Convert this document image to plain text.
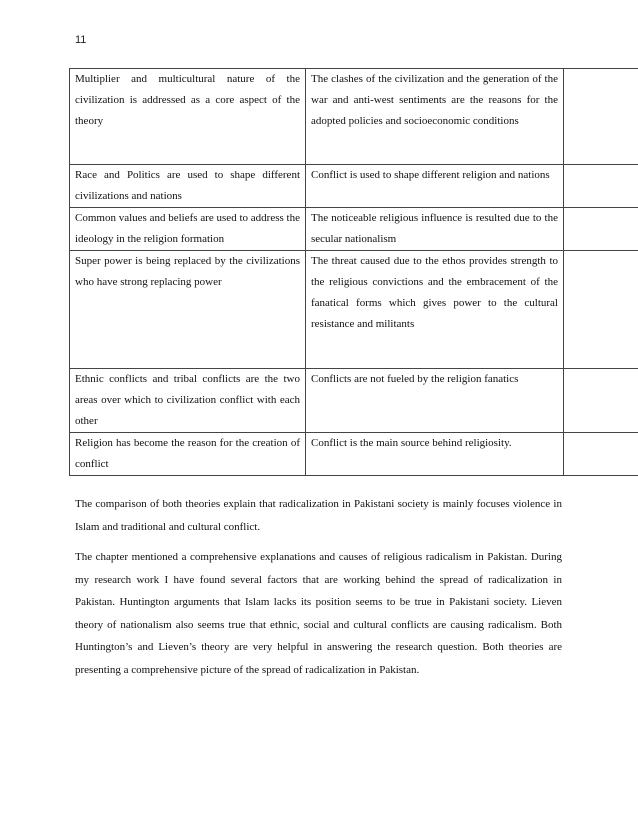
11
Multiplier and multicultural nature of the civilization is addressed as a core aspect of the theory	The clashes of the civilization and the generation of the war and anti-west sentiments are the reasons for the adopted policies and socioeconomic conditions	
Race and Politics are used to shape different civilizations and nations	Conflict is used to shape different religion and nations	
Common values and beliefs are used to address the ideology in the religion formation	The noticeable religious influence is resulted due to the secular nationalism	
Super power is being replaced by the civilizations who have strong replacing power	The threat caused due to the ethos provides strength to the religious convictions and the embracement of the fanatical forms which gives power to the cultural resistance and militants	
Ethnic conflicts and tribal conflicts are the two areas over which to civilization conflict with each other	Conflicts are not fueled by the religion fanatics	
Religion has become the reason for the creation of conflict	Conflict is the main source behind religiosity.	

The comparison of both theories explain that radicalization in Pakistani society is mainly focuses violence in Islam and traditional and cultural conflict.

The chapter mentioned a comprehensive explanations and causes of religious radicalism in Pakistan. During my research work I have found several factors that are working behind the spread of radicalization in Pakistan. Huntington arguments that Islam lacks its position seems to be true in Pakistani society. Lieven theory of nationalism also seems true that ethnic, social and cultural conflicts are causing radicalism. Both Huntington’s and Lieven’s theory are very helpful in answering the research question. Both theories are presenting a comprehensive picture of the spread of radicalization in Pakistan.
